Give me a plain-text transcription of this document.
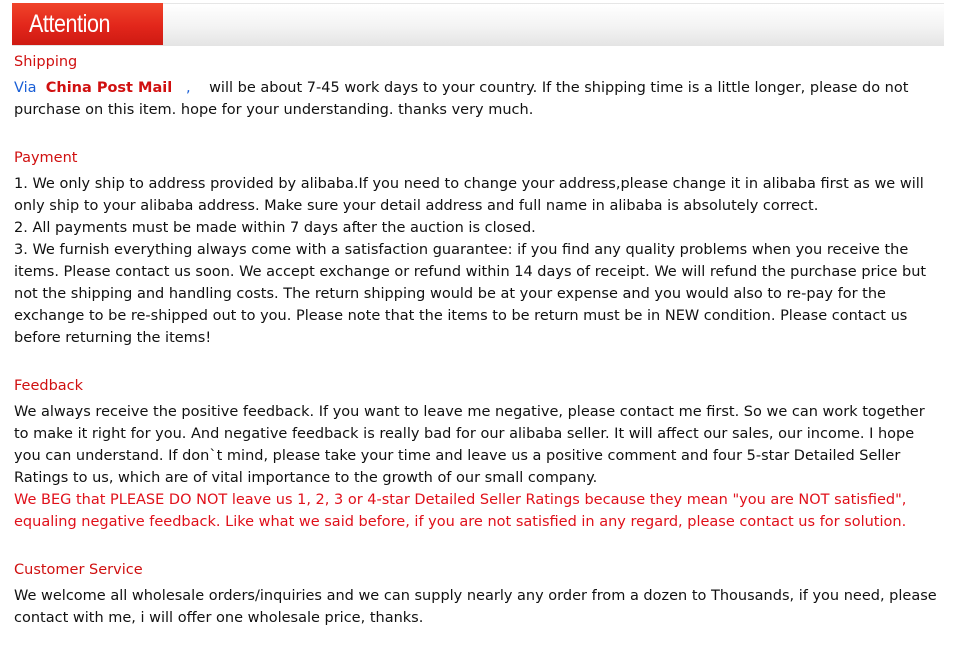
Attention
Shipping
Via China Post Mail , will be about 7-45 work days to your country. If the shipping time is a little longer, please do not
purchase on this item. hope for your understanding. thanks very much.
Payment
1. We only ship to address provided by alibaba.If you need to change your address,please change it in alibaba first as we will
only ship to your alibaba address. Make sure your detail address and full name in alibaba is absolutely correct.
2. All payments must be made within 7 days after the auction is closed.
3. We furnish everything always come with a satisfaction guarantee: if you find any quality problems when you receive the
items. Please contact us soon. We accept exchange or refund within 14 days of receipt. We will refund the purchase price but
not the shipping and handling costs. The return shipping would be at your expense and you would also to re-pay for the
exchange to be re-shipped out to you. Please note that the items to be return must be in NEW condition. Please contact us
before returning the items!
Feedback
We always receive the positive feedback. If you want to leave me negative, please contact me first. So we can work together
to make it right for you. And negative feedback is really bad for our alibaba seller. It will affect our sales, our income. I hope
you can understand. If don`t mind, please take your time and leave us a positive comment and four 5-star Detailed Seller
Ratings to us, which are of vital importance to the growth of our small company.
We BEG that PLEASE DO NOT leave us 1, 2, 3 or 4-star Detailed Seller Ratings because they mean "you are NOT satisfied",
equaling negative feedback. Like what we said before, if you are not satisfied in any regard, please contact us for solution.
Customer Service
We welcome all wholesale orders/inquiries and we can supply nearly any order from a dozen to Thousands, if you need, please
contact with me, i will offer one wholesale price, thanks.
